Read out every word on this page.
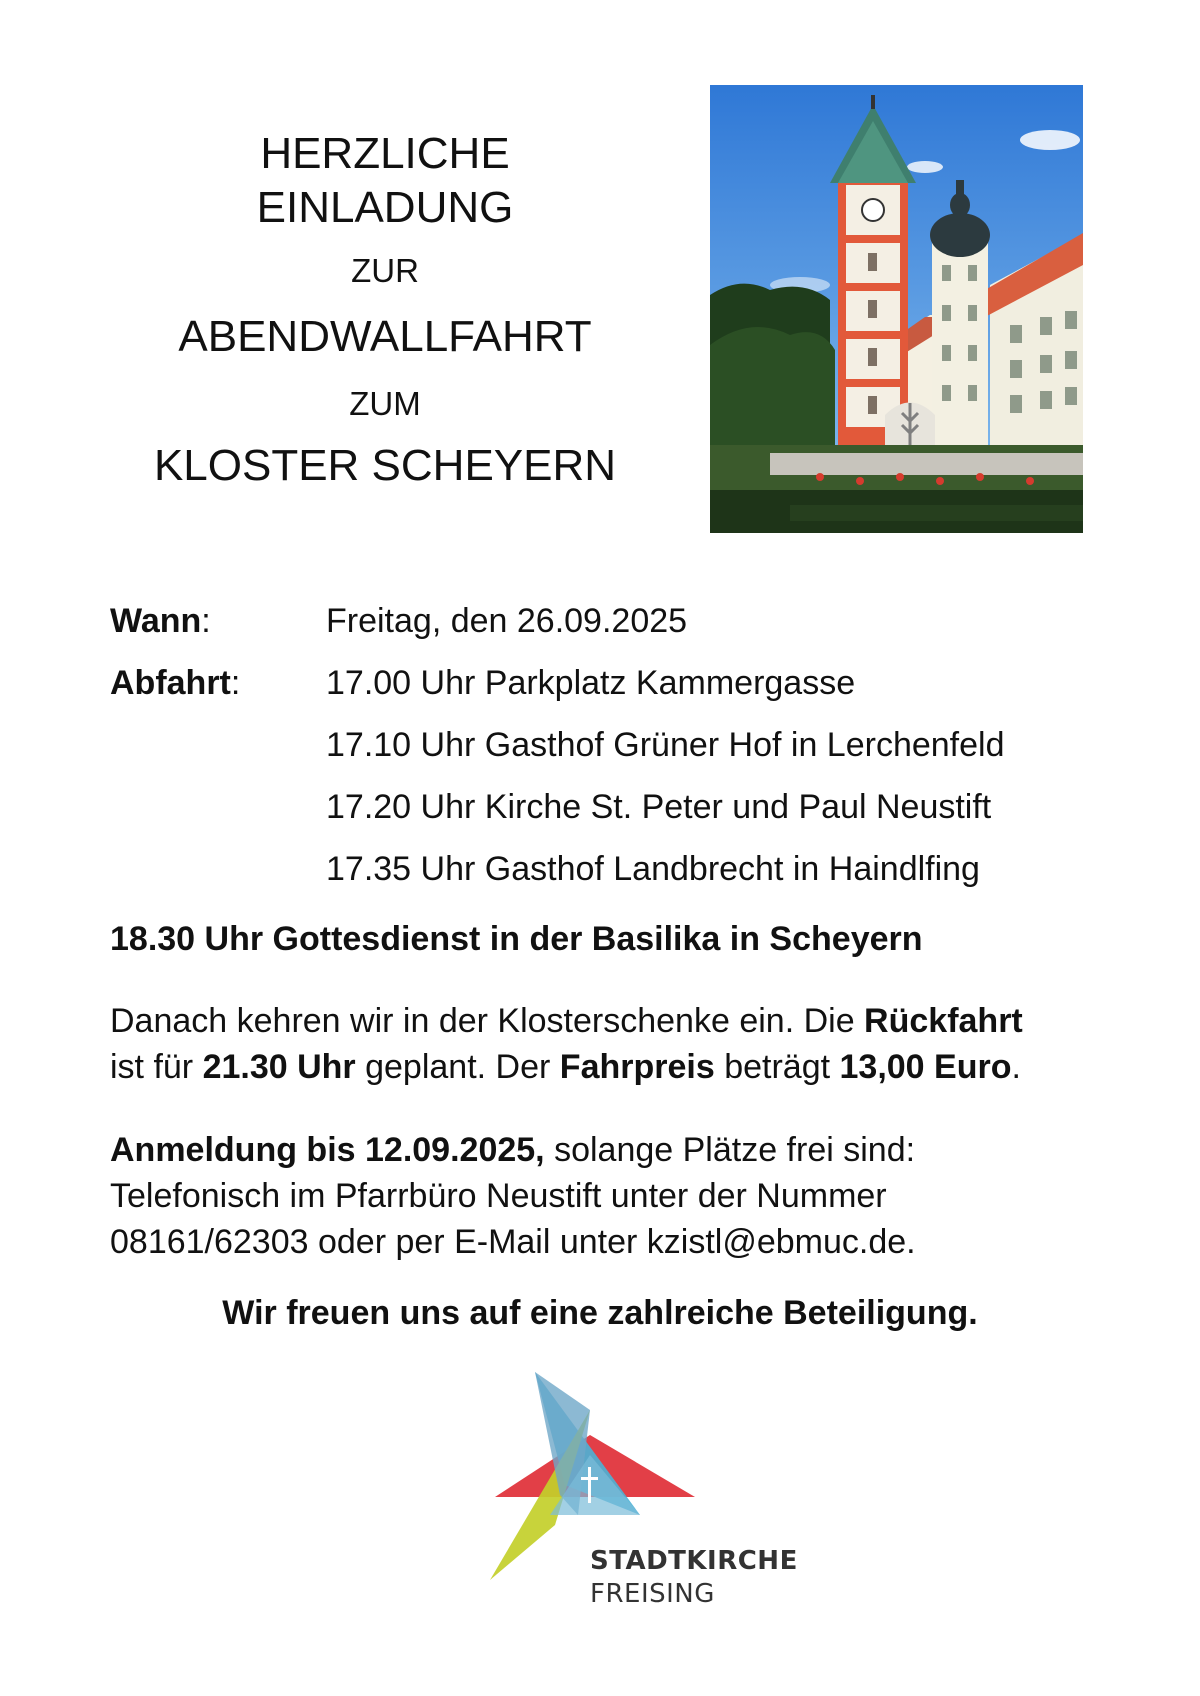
HERZLICHE
EINLADUNG
ZUR
ABENDWALLFAHRT
ZUM
KLOSTER SCHEYERN
Wann:	Freitag, den 26.09.2025
Abfahrt:	17.00 Uhr Parkplatz Kammergasse
17.10 Uhr Gasthof Grüner Hof in Lerchenfeld
17.20 Uhr Kirche St. Peter und Paul Neustift
17.35 Uhr Gasthof Landbrecht in Haindlfing
18.30 Uhr Gottesdienst in der Basilika in Scheyern
Danach kehren wir in der Klosterschenke ein. Die Rückfahrt
ist für 21.30 Uhr geplant. Der Fahrpreis beträgt 13,00 Euro.
Anmeldung bis 12.09.2025, solange Plätze frei sind:
Telefonisch im Pfarrbüro Neustift unter der Nummer
08161/62303 oder per E-Mail unter kzistl@ebmuc.de.
Wir freuen uns auf eine zahlreiche Beteiligung.
STADTKIRCHE
FREISING
